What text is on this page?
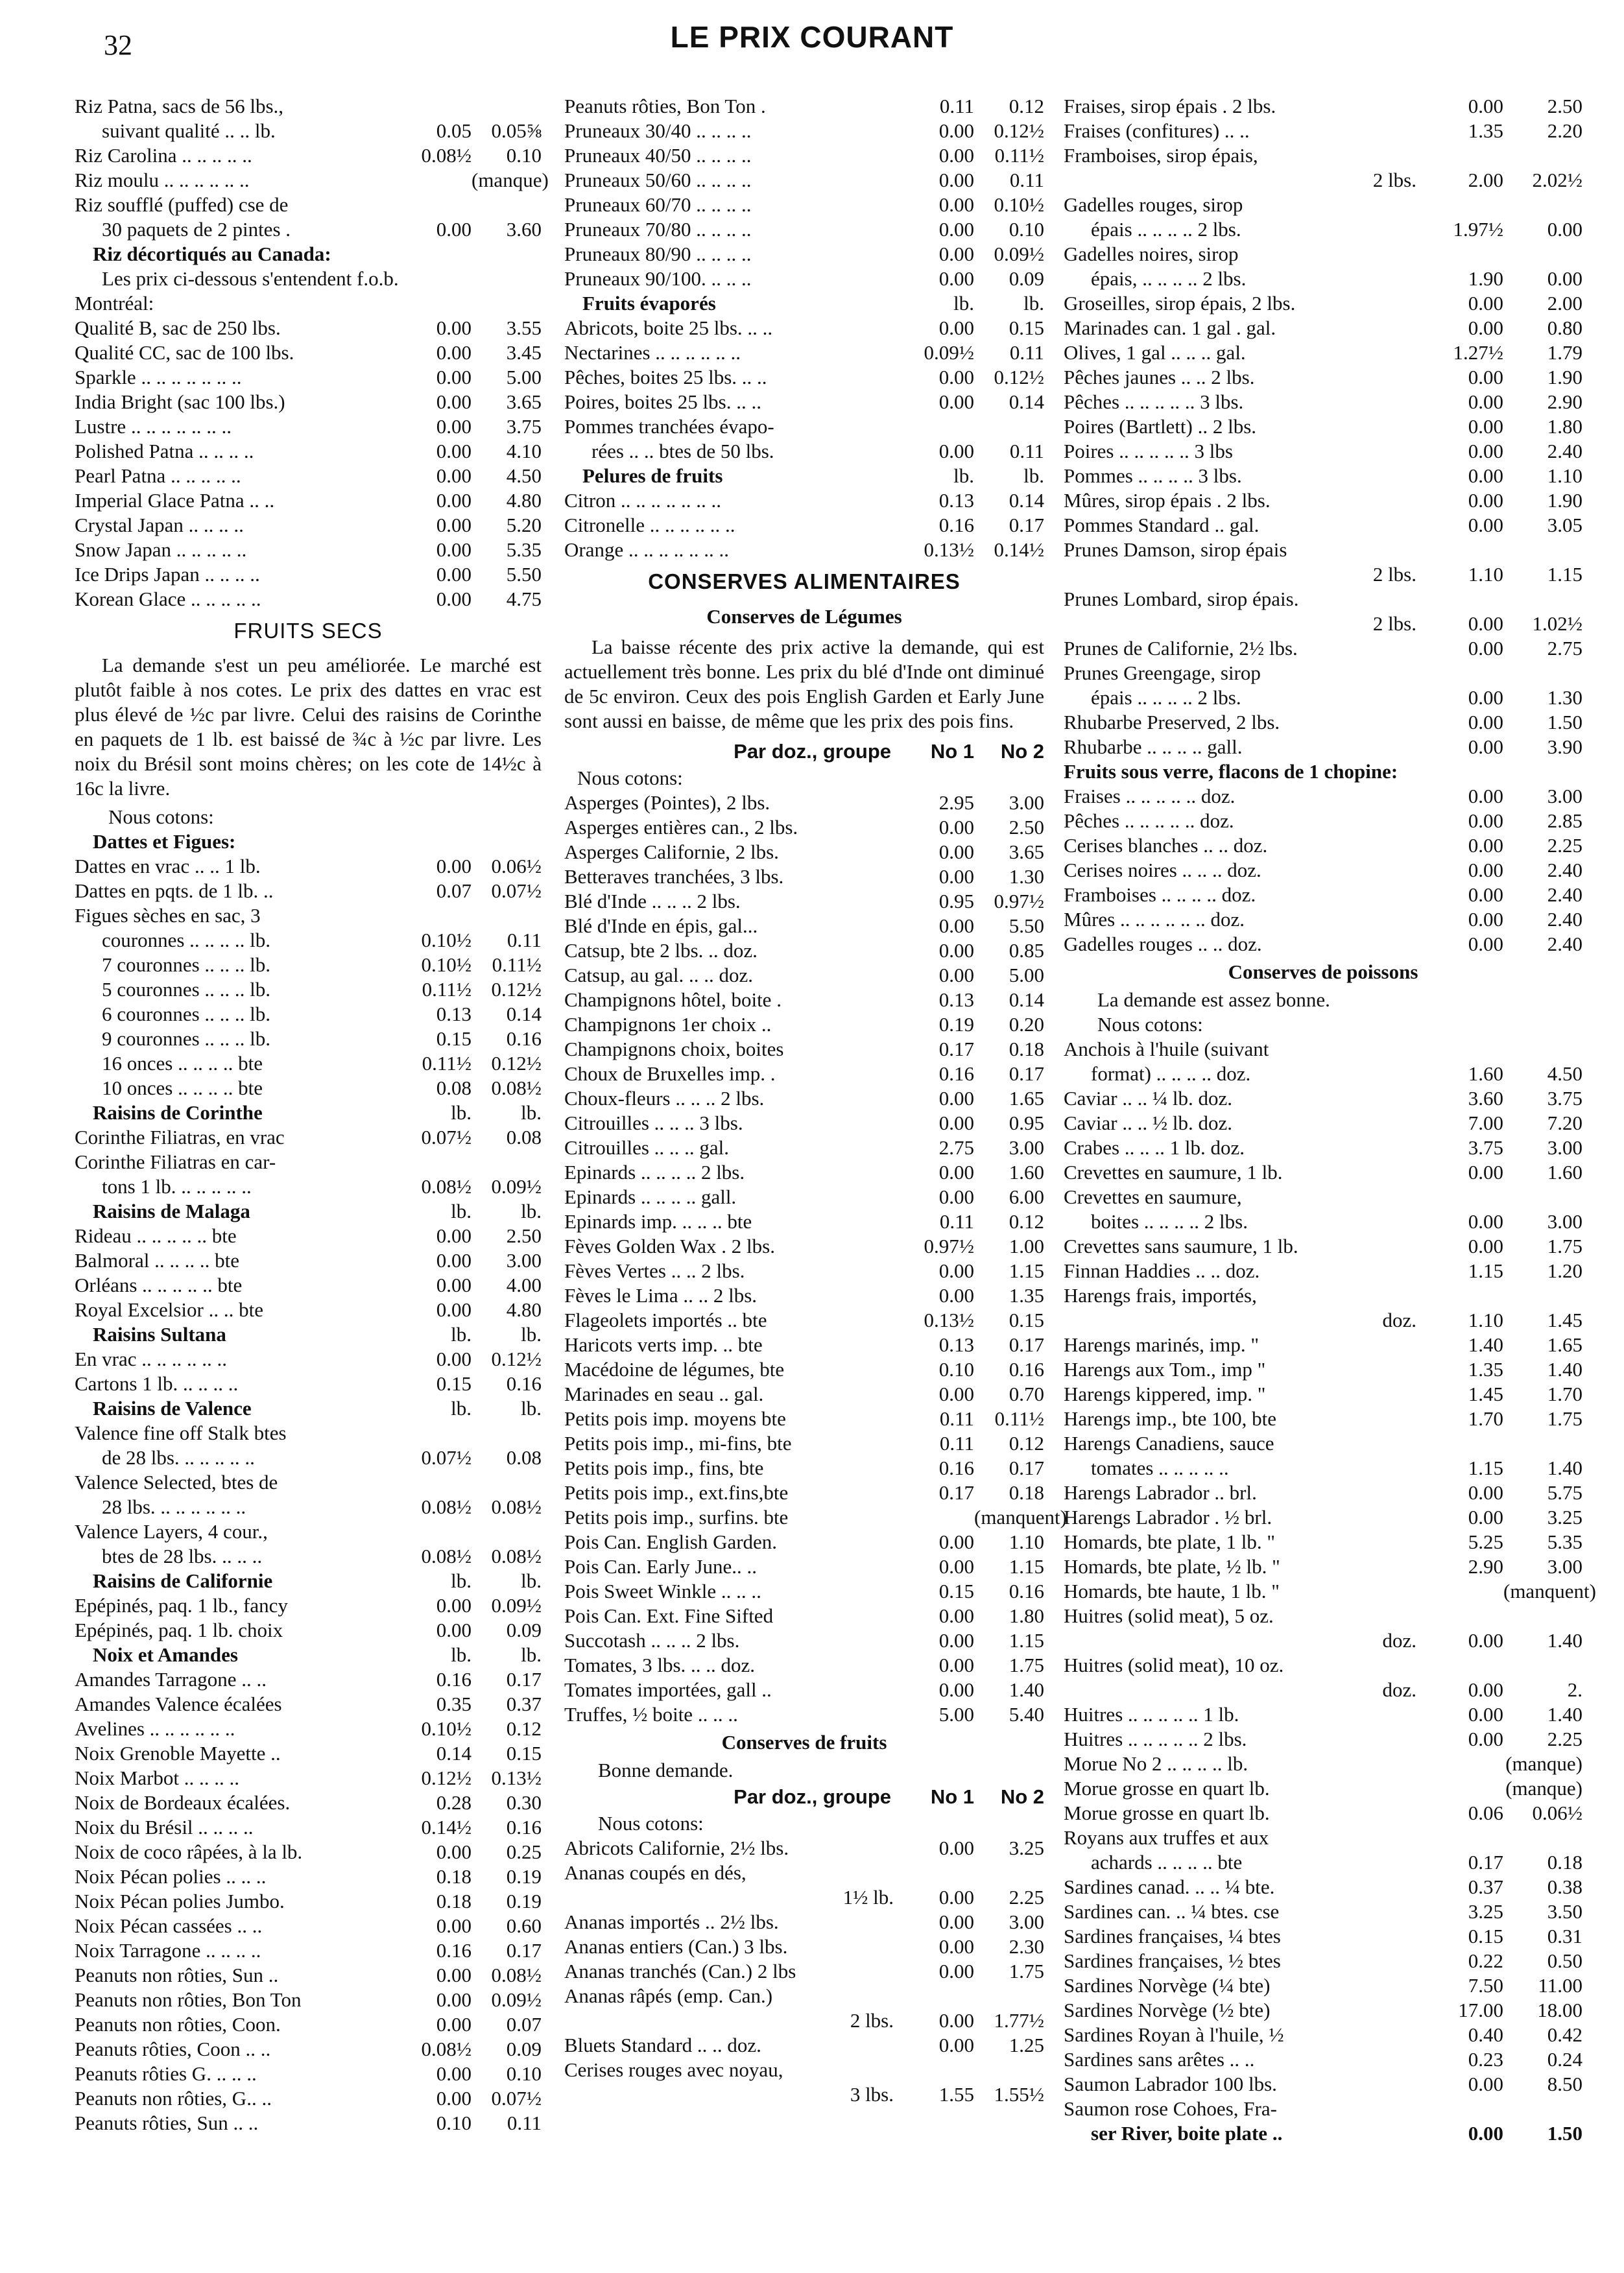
32	LE PRIX COURANT
Riz Patna, sacs de 56 lbs.,
suivant qualité .. .. lb.	0.05 0.05⅝
Riz Carolina .. .. .. .. ..	0.08½	0.10
Riz moulu .. .. .. .. .. ..	(manque)
Riz soufflé (puffed) cse de
30 paquets de 2 pintes .	0.00	3.60
Riz décortiqués au Canada:
Les prix ci-dessous s'entendent f.o.b.
Montréal:
Qualité B, sac de 250 lbs.	0.00	3.55
Qualité CC, sac de 100 lbs.	0.00	3.45
Sparkle .. .. .. .. .. .. ..	0.00	5.00
India Bright (sac 100 lbs.)	0.00	3.65
Lustre .. .. .. .. .. .. ..	0.00	3.75
Polished Patna .. .. .. ..	0.00	4.10
Pearl Patna .. .. .. .. ..	0.00	4.50
Imperial Glace Patna .. ..	0.00	4.80
Crystal Japan .. .. .. ..	0.00	5.20
Snow Japan .. .. .. .. ..	0.00	5.35
Ice Drips Japan .. .. .. ..	0.00	5.50
Korean Glace .. .. .. .. ..	0.00	4.75
FRUITS SECS
La demande s'est un peu améliorée. Le marché est plutôt faible à nos cotes. Le prix des dattes en vrac est plus élevé de ½c par livre. Celui des raisins de Corinthe en paquets de 1 lb. est baissé de ¾c à ½c par livre. Les noix du Brésil sont moins chères; on les cote de 14½c à 16c la livre.
Nous cotons:
Dattes et Figues:
Dattes en vrac .. .. 1 lb.	0.00 0.06½
Dattes en pqts. de 1 lb. ..	0.07 0.07½
Figues sèches en sac, 3
couronnes .. .. .. .. lb.	0.10½	0.11
7 couronnes .. .. .. lb.	0.10½	0.11½
5 couronnes .. .. .. lb.	0.11½ 0.12½
6 couronnes .. .. .. lb.	0.13	0.14
9 couronnes .. .. .. lb.	0.15	0.16
16 onces .. .. .. .. bte	0.11½ 0.12½
10 onces .. .. .. .. bte	0.08 0.08½
Raisins de Corinthe	lb.	lb.
Corinthe Filiatras, en vrac	0.07½	0.08
Corinthe Filiatras en car-
tons 1 lb. .. .. .. .. ..	0.08½ 0.09½
Raisins de Malaga	lb.	lb.
Rideau .. .. .. .. .. bte	0.00	2.50
Balmoral .. .. .. .. bte	0.00	3.00
Orléans .. .. .. .. .. bte	0.00	4.00
Royal Excelsior .. .. bte	0.00	4.80
Raisins Sultana	lb.	lb.
En vrac .. .. .. .. .. ..	0.00 0.12½
Cartons 1 lb. .. .. .. ..	0.15	0.16
Raisins de Valence	lb.	lb.
Valence fine off Stalk btes
de 28 lbs. .. .. .. .. ..	0.07½	0.08
Valence Selected, btes de
28 lbs. .. .. .. .. .. ..	0.08½ 0.08½
Valence Layers, 4 cour.,
btes de 28 lbs. .. .. ..	0.08½ 0.08½
Raisins de Californie	lb.	lb.
Epépinés, paq. 1 lb., fancy	0.00 0.09½
Epépinés, paq. 1 lb. choix	0.00	0.09
Noix et Amandes	lb.	lb.
Amandes Tarragone .. ..	0.16	0.17
Amandes Valence écalées	0.35	0.37
Avelines .. .. .. .. .. ..	0.10½	0.12
Noix Grenoble Mayette ..	0.14	0.15
Noix Marbot .. .. .. ..	0.12½ 0.13½
Noix de Bordeaux écalées.	0.28	0.30
Noix du Brésil .. .. .. ..	0.14½	0.16
Noix de coco râpées, à la lb.	0.00	0.25
Noix Pécan polies .. .. ..	0.18	0.19
Noix Pécan polies Jumbo.	0.18	0.19
Noix Pécan cassées .. ..	0.00	0.60
Noix Tarragone .. .. .. ..	0.16	0.17
Peanuts non rôties, Sun ..	0.00 0.08½
Peanuts non rôties, Bon Ton	0.00 0.09½
Peanuts non rôties, Coon.	0.00	0.07
Peanuts rôties, Coon .. ..	0.08½	0.09
Peanuts rôties G. .. .. ..	0.00	0.10
Peanuts non rôties, G.. ..	0.00 0.07½
Peanuts rôties, Sun .. ..	0.10	0.11
Peanuts rôties, Bon Ton .	0.11	0.12
Pruneaux 30/40 .. .. .. ..	0.00 0.12½
Pruneaux 40/50 .. .. .. ..	0.00	0.11½
Pruneaux 50/60 .. .. .. ..	0.00	0.11
Pruneaux 60/70 .. .. .. ..	0.00 0.10½
Pruneaux 70/80 .. .. .. ..	0.00	0.10
Pruneaux 80/90 .. .. .. ..	0.00 0.09½
Pruneaux 90/100. .. .. ..	0.00	0.09
Fruits évaporés	lb.	lb.
Abricots, boite 25 lbs. .. ..	0.00	0.15
Nectarines .. .. .. .. .. ..	0.09½	0.11
Pêches, boites 25 lbs. .. ..	0.00 0.12½
Poires, boites 25 lbs. .. ..	0.00	0.14
Pommes tranchées évapo-
rées .. .. btes de 50 lbs.	0.00	0.11
Pelures de fruits	lb.	lb.
Citron .. .. .. .. .. .. ..	0.13	0.14
Citronelle .. .. .. .. .. ..	0.16	0.17
Orange .. .. .. .. .. .. ..	0.13½ 0.14½
CONSERVES ALIMENTAIRES
Conserves de Légumes
La baisse récente des prix active la demande, qui est actuellement très bonne. Les prix du blé d'Inde ont diminué de 5c environ. Ceux des pois English Garden et Early June sont aussi en baisse, de même que les prix des pois fins.
Par doz., groupe	No 1	No 2
Nous cotons:
Asperges (Pointes), 2 lbs.	2.95	3.00
Asperges entières can., 2 lbs.	0.00	2.50
Asperges Californie, 2 lbs.	0.00	3.65
Betteraves tranchées, 3 lbs.	0.00	1.30
Blé d'Inde .. .. .. 2 lbs.	0.95 0.97½
Blé d'Inde en épis, gal...	0.00	5.50
Catsup, bte 2 lbs. .. doz.	0.00	0.85
Catsup, au gal. .. .. doz.	0.00	5.00
Champignons hôtel, boite .	0.13	0.14
Champignons 1er choix ..	0.19	0.20
Champignons choix, boites	0.17	0.18
Choux de Bruxelles imp. .	0.16	0.17
Choux-fleurs .. .. .. 2 lbs.	0.00	1.65
Citrouilles .. .. .. 3 lbs.	0.00	0.95
Citrouilles .. .. .. gal.	2.75	3.00
Epinards .. .. .. .. 2 lbs.	0.00	1.60
Epinards .. .. .. .. gall.	0.00	6.00
Epinards imp. .. .. .. bte	0.11	0.12
Fèves Golden Wax . 2 lbs.	0.97½	1.00
Fèves Vertes .. .. 2 lbs.	0.00	1.15
Fèves le Lima .. .. 2 lbs.	0.00	1.35
Flageolets importés .. bte	0.13½	0.15
Haricots verts imp. .. bte	0.13	0.17
Macédoine de légumes, bte	0.10	0.16
Marinades en seau .. gal.	0.00	0.70
Petits pois imp. moyens bte	0.11	0.11½
Petits pois imp., mi-fins, bte	0.11	0.12
Petits pois imp., fins, bte	0.16	0.17
Petits pois imp., ext.fins,bte	0.17	0.18
Petits pois imp., surfins. bte	(manquent)
Pois Can. English Garden.	0.00	1.10
Pois Can. Early June.. ..	0.00	1.15
Pois Sweet Winkle .. .. ..	0.15	0.16
Pois Can. Ext. Fine Sifted	0.00	1.80
Succotash .. .. .. 2 lbs.	0.00	1.15
Tomates, 3 lbs. .. .. doz.	0.00	1.75
Tomates importées, gall ..	0.00	1.40
Truffes, ½ boite .. .. ..	5.00	5.40
Conserves de fruits
Bonne demande.
Par doz., groupe	No 1	No 2
Nous cotons:
Abricots Californie, 2½ lbs.	0.00	3.25
Ananas coupés en dés,
1½ lb.	0.00	2.25
Ananas importés .. 2½ lbs.	0.00	3.00
Ananas entiers (Can.) 3 lbs.	0.00	2.30
Ananas tranchés (Can.) 2 lbs	0.00	1.75
Ananas râpés (emp. Can.)
2 lbs.	0.00 1.77½
Bluets Standard .. .. doz.	0.00	1.25
Cerises rouges avec noyau,
3 lbs.	1.55 1.55½
Fraises, sirop épais . 2 lbs.	0.00	2.50
Fraises (confitures) .. ..	1.35	2.20
Framboises, sirop épais,
2 lbs.	2.00	2.02½
Gadelles rouges, sirop
épais .. .. .. .. 2 lbs.	1.97½	0.00
Gadelles noires, sirop
épais, .. .. .. .. 2 lbs.	1.90	0.00
Groseilles, sirop épais, 2 lbs.	0.00	2.00
Marinades can. 1 gal . gal.	0.00	0.80
Olives, 1 gal .. .. .. gal.	1.27½	1.79
Pêches jaunes .. .. 2 lbs.	0.00	1.90
Pêches .. .. .. .. .. 3 lbs.	0.00	2.90
Poires (Bartlett) .. 2 lbs.	0.00	1.80
Poires .. .. .. .. .. 3 lbs	0.00	2.40
Pommes .. .. .. .. 3 lbs.	0.00	1.10
Mûres, sirop épais . 2 lbs.	0.00	1.90
Pommes Standard .. gal.	0.00	3.05
Prunes Damson, sirop épais
2 lbs.	1.10	1.15
Prunes Lombard, sirop épais.
2 lbs.	0.00	1.02½
Prunes de Californie, 2½ lbs.	0.00	2.75
Prunes Greengage, sirop
épais .. .. .. .. 2 lbs.	0.00	1.30
Rhubarbe Preserved, 2 lbs.	0.00	1.50
Rhubarbe .. .. .. .. gall.	0.00	3.90
Fruits sous verre, flacons de 1 chopine:
Fraises .. .. .. .. .. doz.	0.00	3.00
Pêches .. .. .. .. .. doz.	0.00	2.85
Cerises blanches .. .. doz.	0.00	2.25
Cerises noires .. .. .. doz.	0.00	2.40
Framboises .. .. .. .. doz.	0.00	2.40
Mûres .. .. .. .. .. .. doz.	0.00	2.40
Gadelles rouges .. .. doz.	0.00	2.40
Conserves de poissons
La demande est assez bonne.
Nous cotons:
Anchois à l'huile (suivant
format) .. .. .. .. doz.	1.60	4.50
Caviar .. .. ¼ lb. doz.	3.60	3.75
Caviar .. .. ½ lb. doz.	7.00	7.20
Crabes .. .. .. 1 lb. doz.	3.75	3.00
Crevettes en saumure, 1 lb.	0.00	1.60
Crevettes en saumure,
boites .. .. .. .. 2 lbs.	0.00	3.00
Crevettes sans saumure, 1 lb.	0.00	1.75
Finnan Haddies .. .. doz.	1.15	1.20
Harengs frais, importés,
doz.	1.10	1.45
Harengs marinés, imp. "	1.40	1.65
Harengs aux Tom., imp "	1.35	1.40
Harengs kippered, imp. "	1.45	1.70
Harengs imp., bte 100, bte	1.70	1.75
Harengs Canadiens, sauce
tomates .. .. .. .. ..	1.15	1.40
Harengs Labrador .. brl.	0.00	5.75
Harengs Labrador . ½ brl.	0.00	3.25
Homards, bte plate, 1 lb. "	5.25	5.35
Homards, bte plate, ½ lb. "	2.90	3.00
Homards, bte haute, 1 lb. "	(manquent)
Huitres (solid meat), 5 oz.
doz.	0.00	1.40
Huitres (solid meat), 10 oz.
doz.	0.00	2.
Huitres .. .. .. .. .. 1 lb.	0.00	1.40
Huitres .. .. .. .. .. 2 lbs.	0.00	2.25
Morue No 2 .. .. .. .. lb.	(manque)
Morue grosse en quart lb.	(manque)
Morue grosse en quart lb.	0.06	0.06½
Royans aux truffes et aux
achards .. .. .. .. bte	0.17	0.18
Sardines canad. .. .. ¼ bte.	0.37	0.38
Sardines can. .. ¼ btes. cse	3.25	3.50
Sardines françaises, ¼ btes	0.15	0.31
Sardines françaises, ½ btes	0.22	0.50
Sardines Norvège (¼ bte)	7.50	11.00
Sardines Norvège (½ bte)	17.00	18.00
Sardines Royan à l'huile, ½	0.40	0.42
Sardines sans arêtes .. ..	0.23	0.24
Saumon Labrador 100 lbs.	0.00	8.50
Saumon rose Cohoes, Fra-
ser River, boite plate ..	0.00	1.50
